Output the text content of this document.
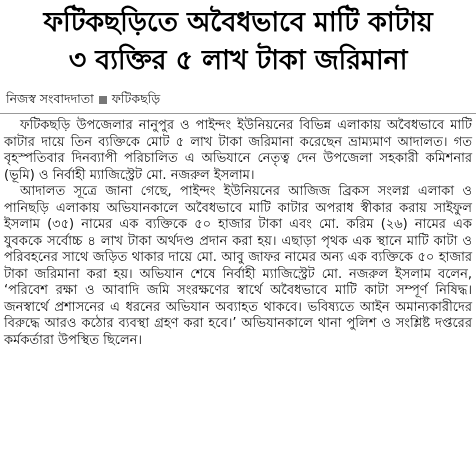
ফটিকছড়িতে অবৈধভাবে মাটি কাটায়
৩ ব্যক্তির ৫ লাখ টাকা জরিমানা
নিজস্ব সংবাদদাতা ফটিকছড়ি

ফটিকছড়ি উপজেলার নানুপুর ও পাইন্দং ইউনিয়নের বিভিন্ন এলাকায় অবৈধভাবে মাটি কাটার দায়ে তিন ব্যক্তিকে মোট ৫ লাখ টাকা জরিমানা করেছেন ভ্রাম্যমাণ আদালত। গত বৃহস্পতিবার দিনব্যাপী পরিচালিত এ অভিযানে নেতৃত্ব দেন উপজেলা সহকারী কমিশনার (ভূমি) ও নির্বাহী ম্যাজিস্ট্রেট মো. নজরুল ইসলাম।

আদালত সূত্রে জানা গেছে, পাইন্দং ইউনিয়নের আজিজ ব্রিকস সংলগ্ন এলাকা ও পানিছড়ি এলাকায় অভিযানকালে অবৈধভাবে মাটি কাটার অপরাধ স্বীকার করায় সাইফুল ইসলাম (৩৫) নামের এক ব্যক্তিকে ৫০ হাজার টাকা এবং মো. করিম (২৬) নামের এক যুবককে সর্বোচ্চ ৪ লাখ টাকা অর্থদণ্ড প্রদান করা হয়। এছাড়া পৃথক এক স্থানে মাটি কাটা ও পরিবহনের সাথে জড়িত থাকার দায়ে মো. আবু জাফর নামের অন্য এক ব্যক্তিকে ৫০ হাজার টাকা জরিমানা করা হয়। অভিযান শেষে নির্বাহী ম্যাজিস্ট্রেট মো. নজরুল ইসলাম বলেন, ‘পরিবেশ রক্ষা ও আবাদি জমি সংরক্ষণের স্বার্থে অবৈধভাবে মাটি কাটা সম্পূর্ণ নিষিদ্ধ। জনস্বার্থে প্রশাসনের এ ধরনের অভিযান অব্যাহত থাকবে। ভবিষ্যতে আইন অমান্যকারীদের বিরুদ্ধে আরও কঠোর ব্যবস্থা গ্রহণ করা হবে।’ অভিযানকালে থানা পুলিশ ও সংশ্লিষ্ট দপ্তরের কর্মকর্তারা উপস্থিত ছিলেন।
